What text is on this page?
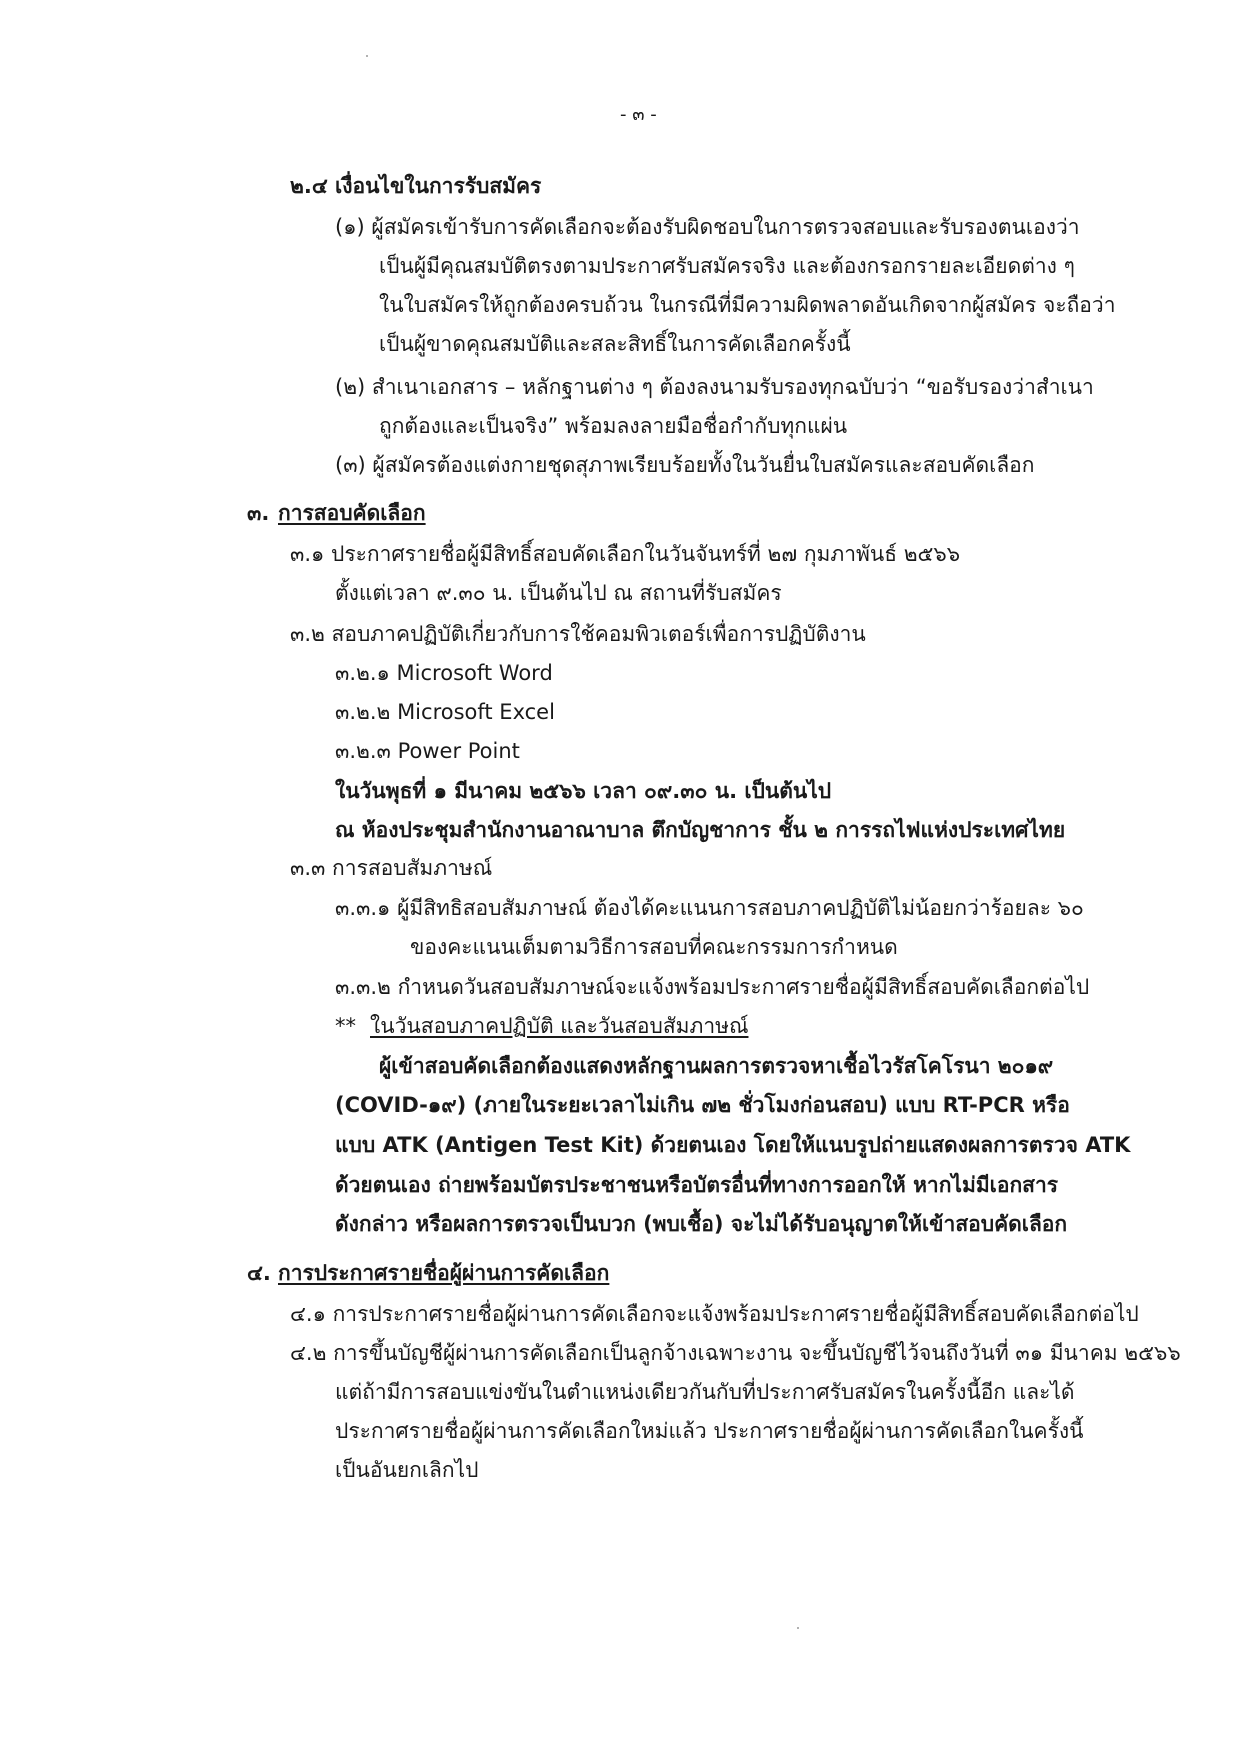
- ๓ -
๒.๔ เงื่อนไขในการรับสมัคร
(๑) ผู้สมัครเข้ารับการคัดเลือกจะต้องรับผิดชอบในการตรวจสอบและรับรองตนเองว่า
เป็นผู้มีคุณสมบัติตรงตามประกาศรับสมัครจริง และต้องกรอกรายละเอียดต่าง ๆ
ในใบสมัครให้ถูกต้องครบถ้วน ในกรณีที่มีความผิดพลาดอันเกิดจากผู้สมัคร จะถือว่า
เป็นผู้ขาดคุณสมบัติและสละสิทธิ์ในการคัดเลือกครั้งนี้
(๒) สำเนาเอกสาร – หลักฐานต่าง ๆ ต้องลงนามรับรองทุกฉบับว่า “ขอรับรองว่าสำเนา
ถูกต้องและเป็นจริง” พร้อมลงลายมือชื่อกำกับทุกแผ่น
(๓) ผู้สมัครต้องแต่งกายชุดสุภาพเรียบร้อยทั้งในวันยื่นใบสมัครและสอบคัดเลือก
๓. การสอบคัดเลือก
๓.๑ ประกาศรายชื่อผู้มีสิทธิ์สอบคัดเลือกในวันจันทร์ที่ ๒๗ กุมภาพันธ์ ๒๕๖๖
ตั้งแต่เวลา ๙.๓๐ น. เป็นต้นไป ณ สถานที่รับสมัคร
๓.๒ สอบภาคปฏิบัติเกี่ยวกับการใช้คอมพิวเตอร์เพื่อการปฏิบัติงาน
๓.๒.๑ Microsoft Word
๓.๒.๒ Microsoft Excel
๓.๒.๓ Power Point
ในวันพุธที่ ๑ มีนาคม ๒๕๖๖ เวลา ๐๙.๓๐ น. เป็นต้นไป
ณ ห้องประชุมสำนักงานอาณาบาล ตึกบัญชาการ ชั้น ๒ การรถไฟแห่งประเทศไทย
๓.๓ การสอบสัมภาษณ์
๓.๓.๑ ผู้มีสิทธิสอบสัมภาษณ์ ต้องได้คะแนนการสอบภาคปฏิบัติไม่น้อยกว่าร้อยละ ๖๐
ของคะแนนเต็มตามวิธีการสอบที่คณะกรรมการกำหนด
๓.๓.๒ กำหนดวันสอบสัมภาษณ์จะแจ้งพร้อมประกาศรายชื่อผู้มีสิทธิ์สอบคัดเลือกต่อไป
** ในวันสอบภาคปฏิบัติ และวันสอบสัมภาษณ์
ผู้เข้าสอบคัดเลือกต้องแสดงหลักฐานผลการตรวจหาเชื้อไวรัสโคโรนา ๒๐๑๙
(COVID-๑๙) (ภายในระยะเวลาไม่เกิน ๗๒ ชั่วโมงก่อนสอบ) แบบ RT-PCR หรือ
แบบ ATK (Antigen Test Kit) ด้วยตนเอง โดยให้แนบรูปถ่ายแสดงผลการตรวจ ATK
ด้วยตนเอง ถ่ายพร้อมบัตรประชาชนหรือบัตรอื่นที่ทางการออกให้ หากไม่มีเอกสาร
ดังกล่าว หรือผลการตรวจเป็นบวก (พบเชื้อ) จะไม่ได้รับอนุญาตให้เข้าสอบคัดเลือก
๔. การประกาศรายชื่อผู้ผ่านการคัดเลือก
๔.๑ การประกาศรายชื่อผู้ผ่านการคัดเลือกจะแจ้งพร้อมประกาศรายชื่อผู้มีสิทธิ์สอบคัดเลือกต่อไป
๔.๒ การขึ้นบัญชีผู้ผ่านการคัดเลือกเป็นลูกจ้างเฉพาะงาน จะขึ้นบัญชีไว้จนถึงวันที่ ๓๑ มีนาคม ๒๕๖๖
แต่ถ้ามีการสอบแข่งขันในตำแหน่งเดียวกันกับที่ประกาศรับสมัครในครั้งนี้อีก และได้
ประกาศรายชื่อผู้ผ่านการคัดเลือกใหม่แล้ว ประกาศรายชื่อผู้ผ่านการคัดเลือกในครั้งนี้
เป็นอันยกเลิกไป
